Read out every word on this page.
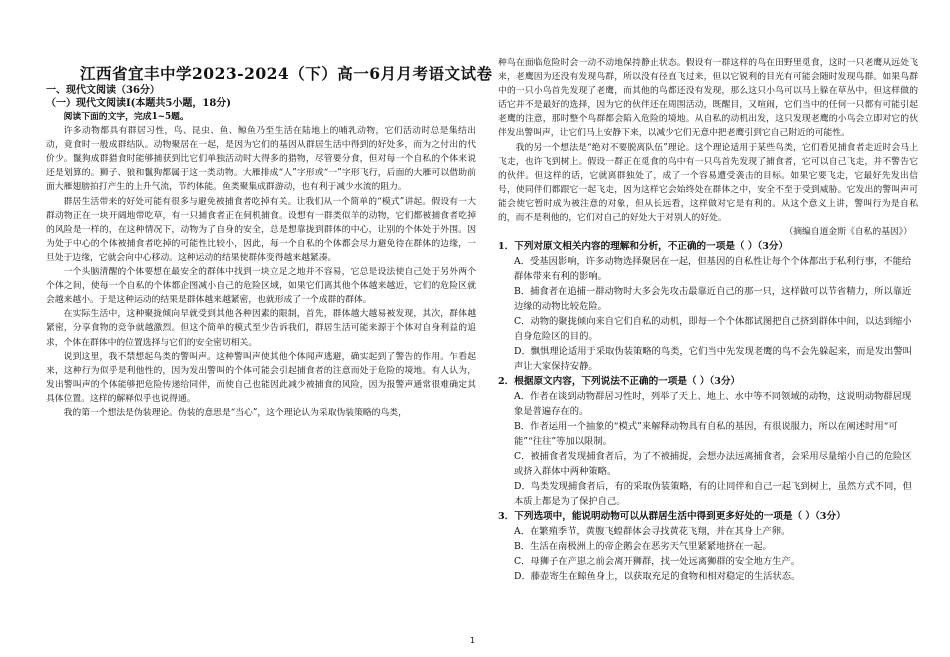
江西省宜丰中学2023-2024（下）高一6月月考语文试卷

一、现代文阅读（36分）

（一）现代文阅读Ⅰ(本题共5小题，18分)

阅读下面的文字，完成1~5题。

许多动物都具有群居习性，鸟、昆虫、鱼、鲸鱼乃至生活在陆地上的哺乳动物，它们活动时总是集结出动，竟食时一般成群结队。动物聚居在一起，是因为它们的基因从群居生活中得到的好处多，而为之付出的代价少。鬣狗成群猎食时能够捕获到比它们单独活动时大得多的猎物，尽管要分食，但对每一个自私的个体来说还是划算的。狮子、狼和鬣狗都属于这一类动物。大雁排成“人”字形或“一”字形飞行，后面的大雁可以借助前面大雁翅膀拍打产生的上升气流，节约体能。鱼类聚集成群游动，也有利于减少水流的阻力。

群居生活带来的好处可能有很多与避免被捕食者吃掉有关。让我们从一个简单的“模式”讲起。假设有一大群动物正在一块开阔地带吃草，有一只捕食者正在伺机捕食。设想有一群类似羊的动物，它们都被捕食者吃掉的风险是一样的，在这种情况下，动物为了自身的安全，总是想靠拢到群体的中心，让别的个体处于外围。因为处于中心的个体被捕食者吃掉的可能性比较小，因此，每一个自私的个体都会尽力避免待在群体的边缘，一旦处于边缘，它就会向中心移动。这种运动的结果使群体变得越来越紧凑。

一个头脑清醒的个体要想在最安全的群体中找到一块立足之地并不容易，它总是设法使自己处于另外两个个体之间，使每一个自私的个体都企图减小自己的危险区域，如果它们离其他个体越来越近，它们的危险区就会越来越小。于是这种运动的结果是群体越来越紧密，也就形成了一个成群的群体。

在实际生活中，这种聚拢倾向早就受到其他各种因素的限制，首先，群体越大越易被发现，其次，群体越紧密，分享食物的竞争就越激烈。但这个简单的模式至少告诉我们，群居生活可能来源于个体对自身利益的追求，个体在群体中的位置选择与它们的安全密切相关。

说到这里，我不禁想起鸟类的警叫声。这种警叫声使其他个体闻声逃避，确实起到了警告的作用。乍看起来，这种行为似乎是利他性的，因为发出警叫的个体可能会引起捕食者的注意而处于危险的境地。有人认为，发出警叫声的个体能够把危险传递给同伴，而使自己也能因此减少被捕食的风险，因为报警声通常很难确定其具体位置。这样的解释似乎也说得通。

我的第一个想法是伪装理论。伪装的意思是“当心”，这个理论认为采取伪装策略的鸟类，

种鸟在面临危险时会一动不动地保持静止状态。假设有一群这样的鸟在田野里觅食，这时一只老鹰从远处飞来，老鹰因为还没有发现鸟群，所以没有径直飞过来，但以它锐利的目光有可能会随时发现鸟群。如果鸟群中的一只小鸟首先发现了老鹰，而其他的鸟都还没有发现，那么这只小鸟可以马上躲在草丛中，但这样做的话它并不是最好的选择，因为它的伙伴还在周围活动，既醒目，又喧闹，它们当中的任何一只都有可能引起老鹰的注意，那时整个鸟群都会陷入危险的境地。从自私的动机出发，这只发现老鹰的小鸟会立即对它的伙伴发出警叫声，让它们马上安静下来，以减少它们无意中把老鹰引到它自己附近的可能性。

我的另一个想法是“绝对不要脱离队伍”理论。这个理论适用于某些鸟类，它们看见捕食者走近时会马上飞走，也许飞到树上。假设一群正在觅食的鸟中有一只鸟首先发现了捕食者，它可以自己飞走，并不警告它的伙伴。但这样的话，它就离群独处了，成了一个容易遭受袭击的目标。如果它要飞走，它最好先发出信号，使同伴们都跟它一起飞走，因为这样它会始终处在群体之中，安全不至于受到威胁。它发出的警叫声可能会使它暂时成为被注意的对象，但从长远看，这样做对它是有利的。从这个意义上讲，警叫行为是自私的，而不是利他的，它们对自己的好处大于对别人的好处。

（摘编自道金斯《自私的基因》）

1．下列对原文相关内容的理解和分析，不正确的一项是（ ）（3分）

A．受基因影响，许多动物选择聚居在一起，但基因的自私性让每个个体都出于私利行事，不能给群体带来有利的影响。

B．捕食者在追捕一群动物时大多会先攻击最靠近自己的那一只，这样做可以节省精力，所以靠近边缘的动物比较危险。

C．动物的聚拢倾向来自它们自私的动机，即每一个个体都试图把自己挤到群体中间，以达到缩小自身危险区的目的。

D．飘惧理论适用于采取伪装策略的鸟类，它们当中先发现老鹰的鸟不会先躲起来，而是发出警叫声让大家保持安静。

2．根据原文内容，下列说法不正确的一项是（ ）（3分）

A．作者在谈到动物群居习性时，列举了天上、地上、水中等不同领域的动物，这说明动物群居现象是普遍存在的。

B．作者运用一个抽象的“模式”来解释动物具有自私的基因，有很说服力，所以在阐述时用“可能”“往往”等加以限制。

C．被捕食者发现捕食者后，为了不被捕捉，会想办法远离捕食者，会采用尽量缩小自己的危险区或挤入群体中两种策略。

D．鸟类发现捕食者后，有的采取伪装策略，有的让同伴和自己一起飞到树上，虽然方式不同，但本质上都是为了保护自己。

3．下列选项中，能说明动物可以从群居生活中得到更多好处的一项是（ ）（3分）

A．在繁殖季节，黄腹飞蝗群体会寻找黄花飞翔，并在其身上产卵。

B．生活在南极洲上的帝企鹅会在恶劣天气里紧紧地挤在一起。

C．母狮子在产崽之前会离开狮群，找一处远离狮群的安全地方生产。

D．藤壶寄生在鲸鱼身上，以获取充足的食物和相对稳定的生活状态。

1
